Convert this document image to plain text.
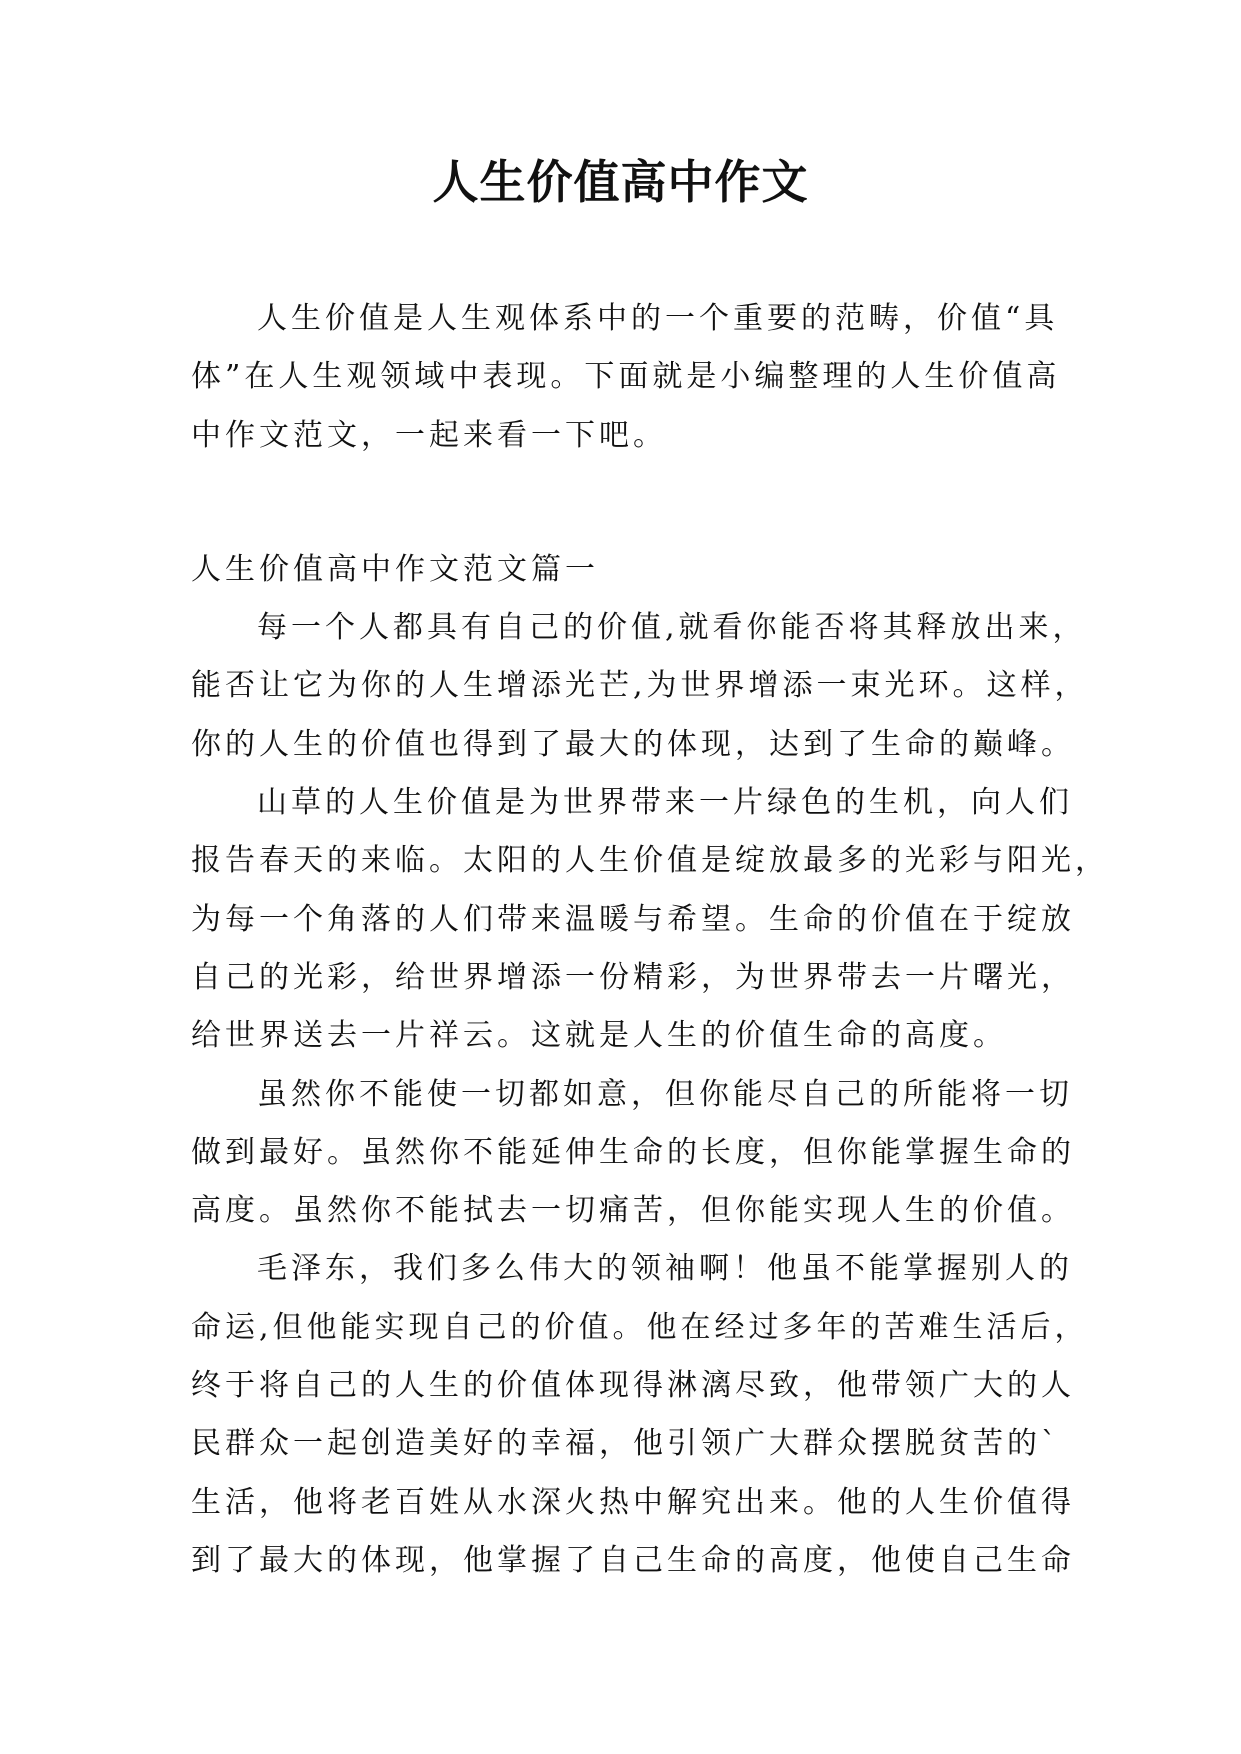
人生价值高中作文
人生价值是人生观体系中的一个重要的范畴，价值“具
体”在人生观领域中表现。下面就是小编整理的人生价值高
中作文范文，一起来看一下吧。
人生价值高中作文范文篇一
每一个人都具有自己的价值,就看你能否将其释放出来，
能否让它为你的人生增添光芒,为世界增添一束光环。这样，
你的人生的价值也得到了最大的体现，达到了生命的巅峰。
山草的人生价值是为世界带来一片绿色的生机，向人们
报告春天的来临。太阳的人生价值是绽放最多的光彩与阳光，
为每一个角落的人们带来温暖与希望。生命的价值在于绽放
自己的光彩，给世界增添一份精彩，为世界带去一片曙光，
给世界送去一片祥云。这就是人生的价值生命的高度。
虽然你不能使一切都如意，但你能尽自己的所能将一切
做到最好。虽然你不能延伸生命的长度，但你能掌握生命的
高度。虽然你不能拭去一切痛苦，但你能实现人生的价值。
毛泽东，我们多么伟大的领袖啊！他虽不能掌握别人的
命运,但他能实现自己的价值。他在经过多年的苦难生活后，
终于将自己的人生的价值体现得淋漓尽致，他带领广大的人
民群众一起创造美好的幸福，他引领广大群众摆脱贫苦的`
生活，他将老百姓从水深火热中解究出来。他的人生价值得
到了最大的体现，他掌握了自己生命的高度，他使自己生命
